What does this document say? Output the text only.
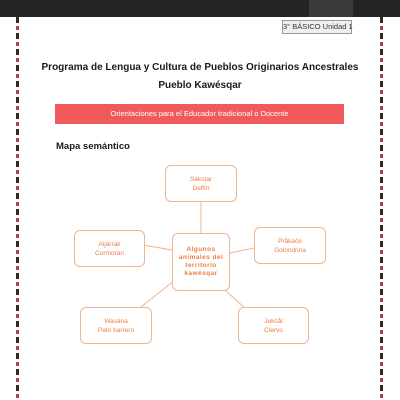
3° BÁSICO Unidad 1
Programa de Lengua y Cultura de Pueblos Originarios Ancestrales
Pueblo Kawésqar
Orientaciones para el Educador tradicional o Docente
Mapa semántico
Sákstar
Delfín
Pråkače
Golondrina
Jekčål
Ciervo
Wasána
Pato barrero
Aljárrak
Cormorán	Algunos animales del territorio kawésqar
